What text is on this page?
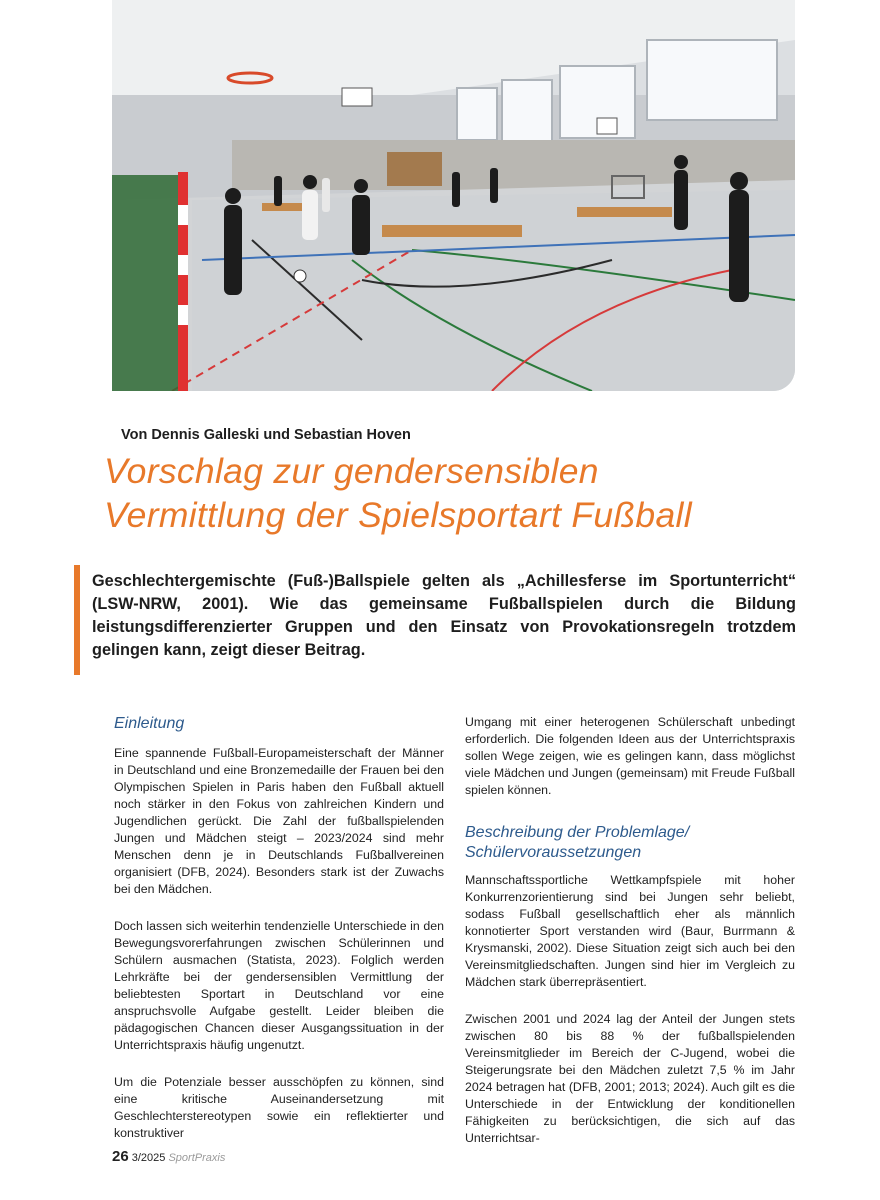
Von Dennis Galleski und Sebastian Hoven
Vorschlag zur gendersensiblen
Vermittlung der Spielsportart Fußball

Geschlechtergemischte (Fuß-)Ballspiele gelten als „Achillesferse im Sportunterricht“ (LSW-NRW, 2001). Wie das gemeinsame Fußballspielen durch die Bildung leistungsdifferenzierter Gruppen und den Einsatz von Provokationsregeln trotzdem gelingen kann, zeigt dieser Beitrag.

Einleitung

Eine spannende Fußball-Europameisterschaft der Männer in Deutschland und eine Bronzemedaille der Frauen bei den Olympischen Spielen in Paris haben den Fußball aktuell noch stärker in den Fokus von zahlreichen Kindern und Jugendlichen gerückt. Die Zahl der fußballspielenden Jungen und Mädchen steigt – 2023/2024 sind mehr Menschen denn je in Deutschlands Fußballvereinen organisiert (DFB, 2024). Besonders stark ist der Zuwachs bei den Mädchen.

Doch lassen sich weiterhin tendenzielle Unterschiede in den Bewegungsvorerfahrungen zwischen Schülerinnen und Schülern ausmachen (Statista, 2023). Folglich werden Lehrkräfte bei der gendersensiblen Vermittlung der beliebtesten Sportart in Deutschland vor eine anspruchsvolle Aufgabe gestellt. Leider bleiben die pädagogischen Chancen dieser Ausgangssituation in der Unterrichtspraxis häufig ungenutzt.

Um die Potenziale besser ausschöpfen zu können, sind eine kritische Auseinandersetzung mit Geschlechterstereotypen sowie ein reflektierter und konstruktiver

Umgang mit einer heterogenen Schülerschaft unbedingt erforderlich. Die folgenden Ideen aus der Unterrichtspraxis sollen Wege zeigen, wie es gelingen kann, dass möglichst viele Mädchen und Jungen (gemeinsam) mit Freude Fußball spielen können.

Beschreibung der Problemlage/
Schülervoraussetzungen

Mannschaftssportliche Wettkampfspiele mit hoher Konkurrenzorientierung sind bei Jungen sehr beliebt, sodass Fußball gesellschaftlich eher als männlich konnotierter Sport verstanden wird (Baur, Burrmann & Krysmanski, 2002). Diese Situation zeigt sich auch bei den Vereinsmitgliedschaften. Jungen sind hier im Vergleich zu Mädchen stark überrepräsentiert.

Zwischen 2001 und 2024 lag der Anteil der Jungen stets zwischen 80 bis 88 % der fußballspielenden Vereinsmitglieder im Bereich der C-Jugend, wobei die Steigerungsrate bei den Mädchen zuletzt 7,5 % im Jahr 2024 betragen hat (DFB, 2001; 2013; 2024). Auch gilt es die Unterschiede in der Entwicklung der konditionellen Fähigkeiten zu berücksichtigen, die sich auf das Unterrichtsar-

26 3/2025 SportPraxis
